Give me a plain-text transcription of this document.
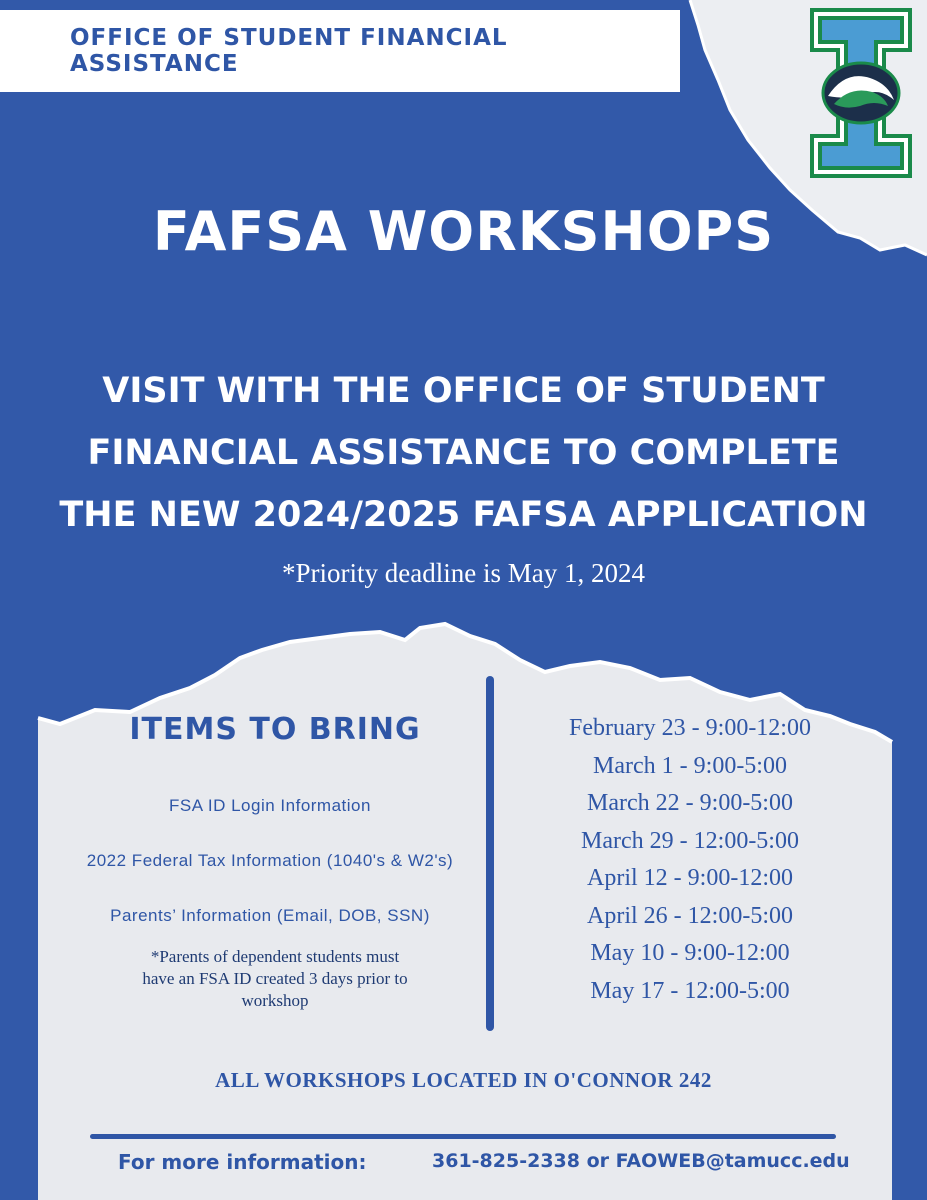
OFFICE OF STUDENT FINANCIAL ASSISTANCE
FAFSA WORKSHOPS
VISIT WITH THE OFFICE OF STUDENT
FINANCIAL ASSISTANCE TO COMPLETE
THE NEW 2024/2025 FAFSA APPLICATION
*Priority deadline is May 1, 2024
ITEMS TO BRING
FSA ID Login Information
2022 Federal Tax Information (1040's & W2's)
Parents’ Information (Email, DOB, SSN)
*Parents of dependent students must
have an FSA ID created 3 days prior to
workshop
February 23 - 9:00-12:00
March 1 - 9:00-5:00
March 22 - 9:00-5:00
March 29 - 12:00-5:00
April 12 - 9:00-12:00
April 26 - 12:00-5:00
May 10 - 9:00-12:00
May 17 - 12:00-5:00
ALL WORKSHOPS LOCATED IN O'CONNOR 242
For more information:	361-825-2338 or FAOWEB@tamucc.edu
